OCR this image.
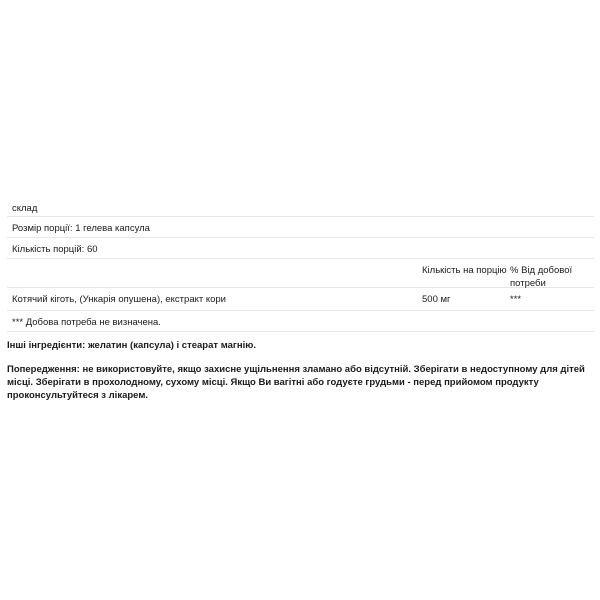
склад
Розмір порції: 1 гелева капсула
Кількість порцій: 60
Кількість на порцію % Від добової потреби
Котячий кіготь, (Ункарія опушена), екстракт кори	500 мг	***
*** Добова потреба не визначена.

Інші інгредієнти: желатин (капсула) і стеарат магнію.

Попередження: не використовуйте, якщо захисне ущільнення зламано або відсутній. Зберігати в недоступному для дітей місці. Зберігати в прохолодному, сухому місці. Якщо Ви вагітні або годуєте грудьми - перед прийомом продукту проконсультуйтеся з лікарем.
